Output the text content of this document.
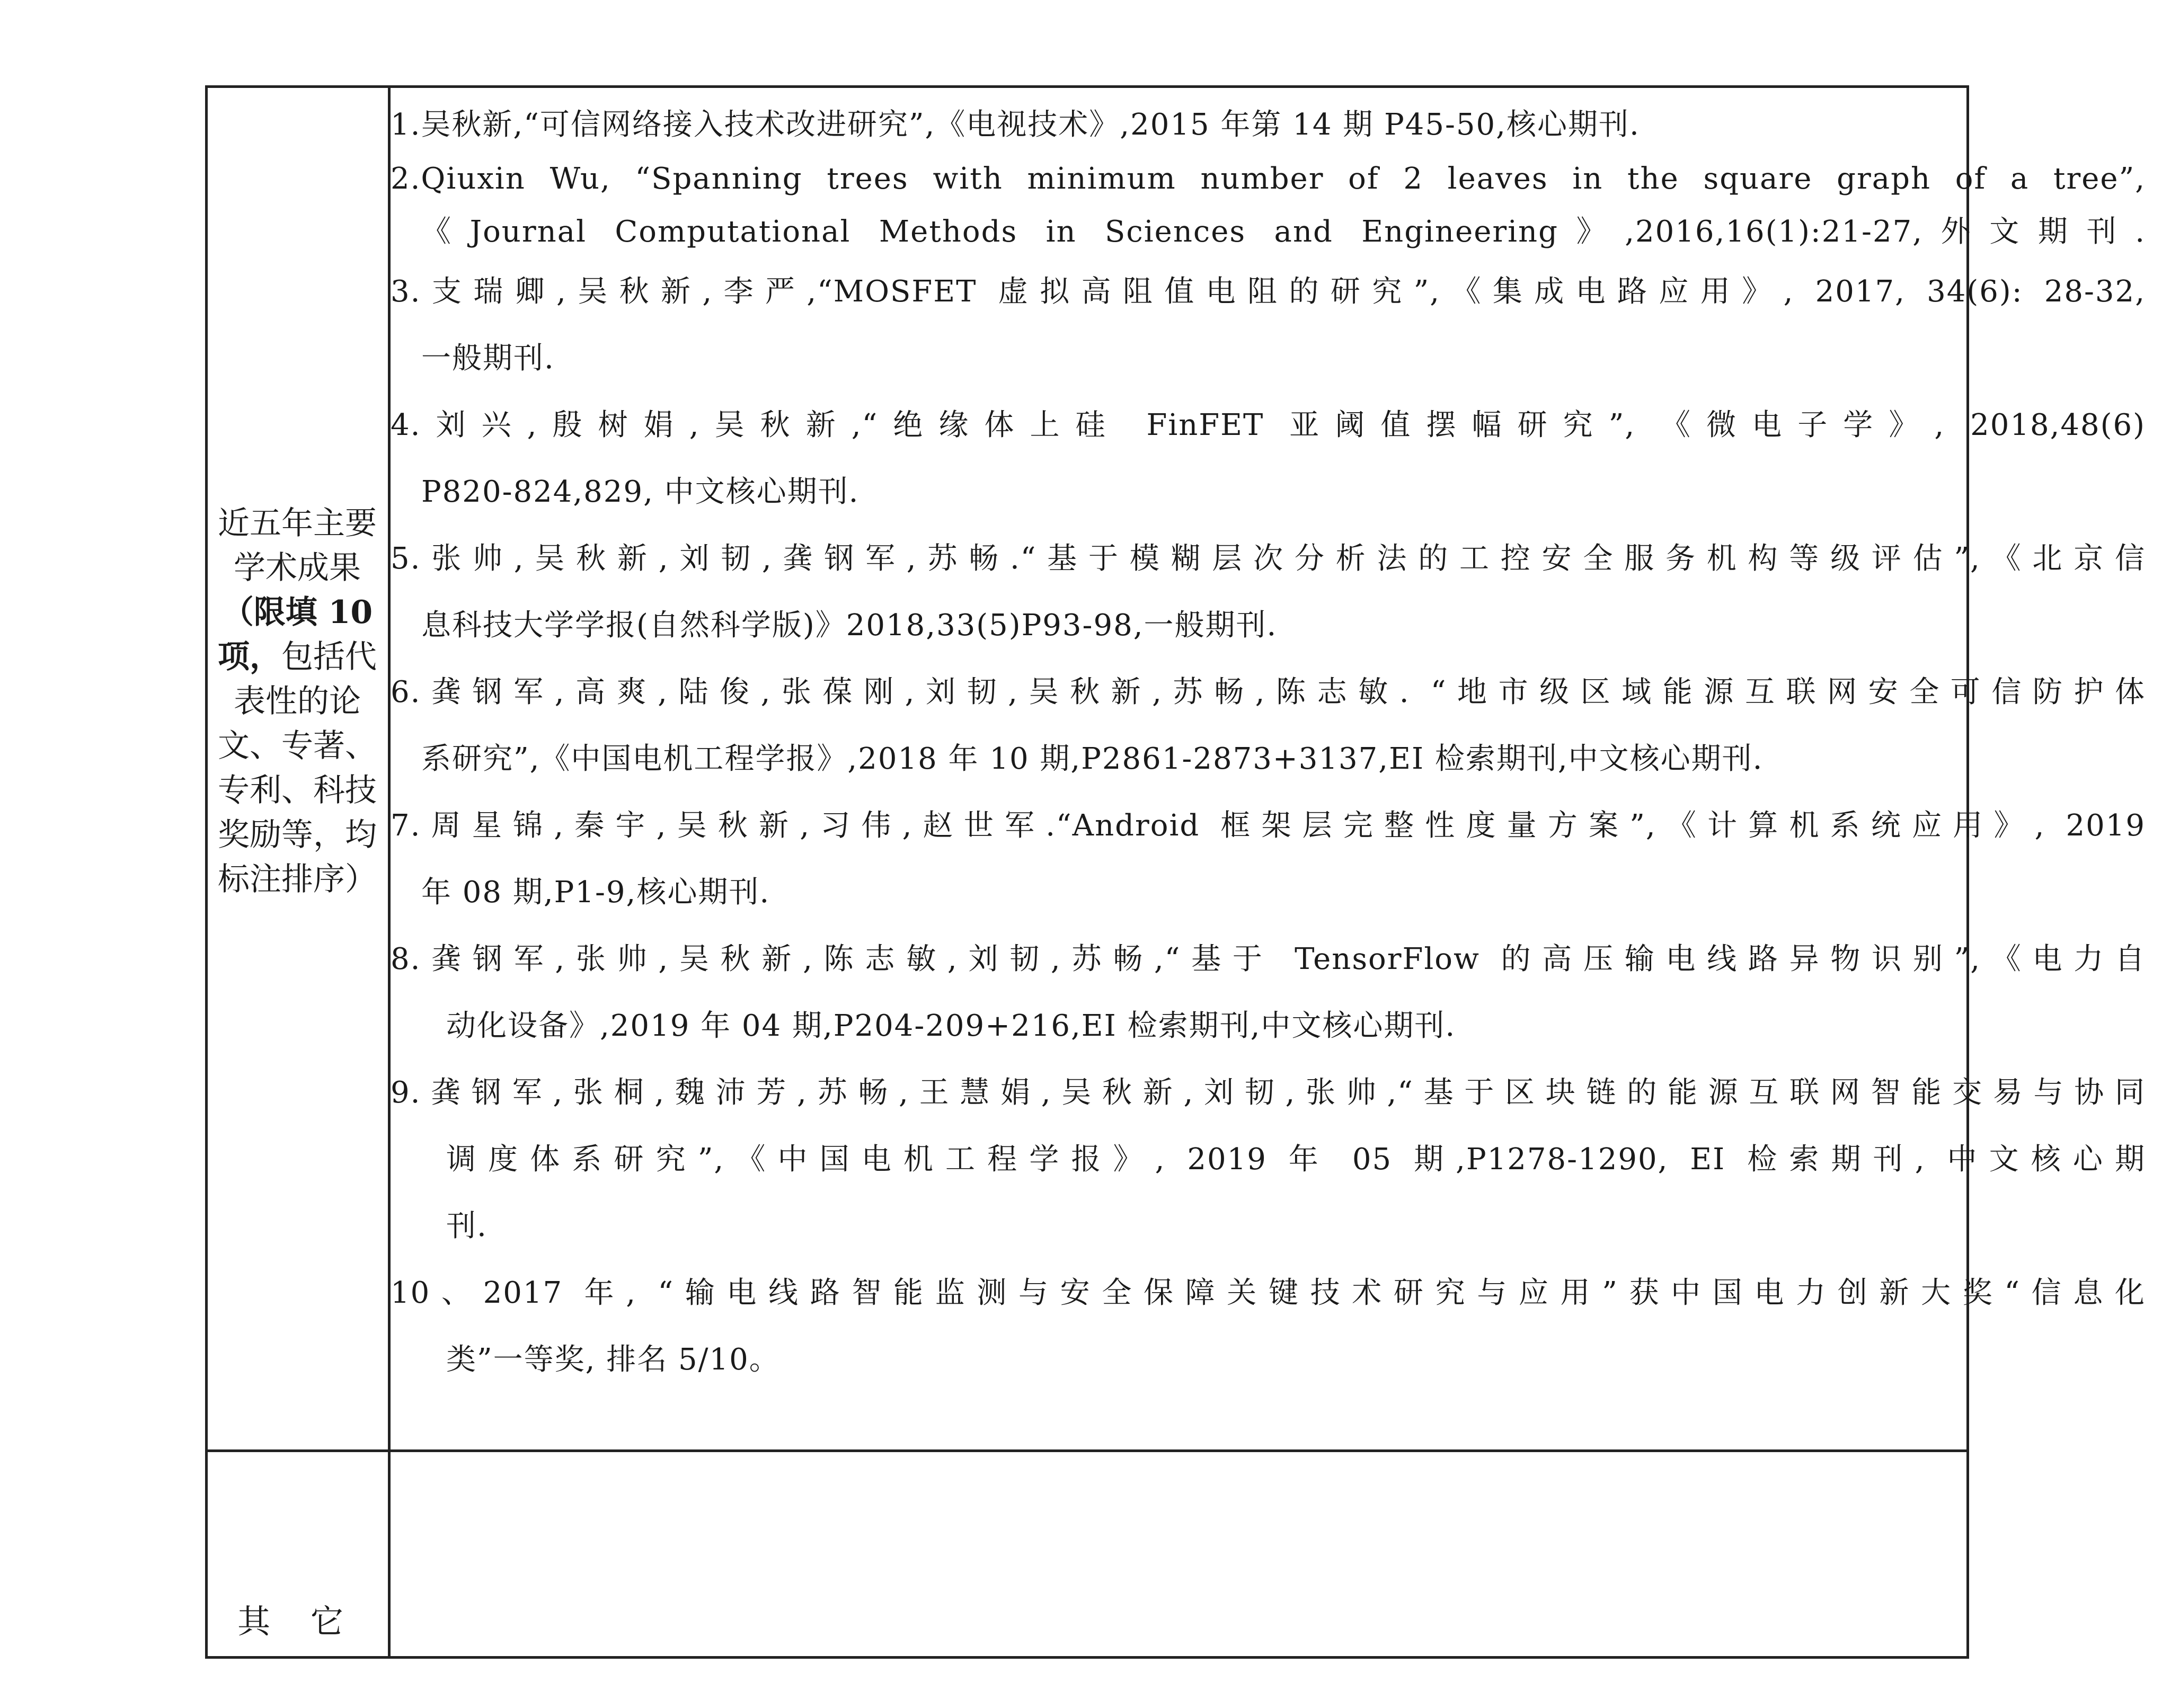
近五年主要
学术成果
（限填 10
项，包括代
表性的论
文、专著、
专利、科技
奖励等，均
标注排序）
1.吴秋新,“可信网络接入技术改进研究”,《电视技术》,2015 年第 14 期 P45-50,核心期刊.
2.Qiuxin Wu, “Spanning trees with minimum number of 2 leaves in the square graph of a tree”,
《Journal Computational Methods in Sciences and Engineering》,2016,16(1):21-27,外文期刊.
3.支瑞卿,吴秋新,李严,“MOSFET 虚拟高阻值电阻的研究”,《集成电路应用》, 2017, 34(6): 28-32,
一般期刊.
4.刘兴,殷树娟,吴秋新,“绝缘体上硅 FinFET 亚阈值摆幅研究”, 《微电子学》, 2018,48(6)
P820-824,829, 中文核心期刊.
5.张帅,吴秋新,刘韧,龚钢军,苏畅.“基于模糊层次分析法的工控安全服务机构等级评估”,《北京信
息科技大学学报(自然科学版)》2018,33(5)P93-98,一般期刊.
6.龚钢军,高爽,陆俊,张葆刚,刘韧,吴秋新,苏畅,陈志敏. “地市级区域能源互联网安全可信防护体
系研究”,《中国电机工程学报》,2018 年 10 期,P2861-2873+3137,EI 检索期刊,中文核心期刊.
7.周星锦,秦宇,吴秋新,习伟,赵世军.“Android 框架层完整性度量方案”,《计算机系统应用》, 2019
年 08 期,P1-9,核心期刊.
8.龚钢军,张帅,吴秋新,陈志敏,刘韧,苏畅,“基于 TensorFlow 的高压输电线路异物识别”,《电力自
动化设备》,2019 年 04 期,P204-209+216,EI 检索期刊,中文核心期刊.
9.龚钢军,张桐,魏沛芳,苏畅,王慧娟,吴秋新,刘韧,张帅,“基于区块链的能源互联网智能交易与协同
调度体系研究”,《中国电机工程学报》, 2019 年 05 期,P1278-1290, EI 检索期刊, 中文核心期
刊.
10、2017 年, “输电线路智能监测与安全保障关键技术研究与应用”获中国电力创新大奖“信息化
类”一等奖, 排名 5/10。
其 它
